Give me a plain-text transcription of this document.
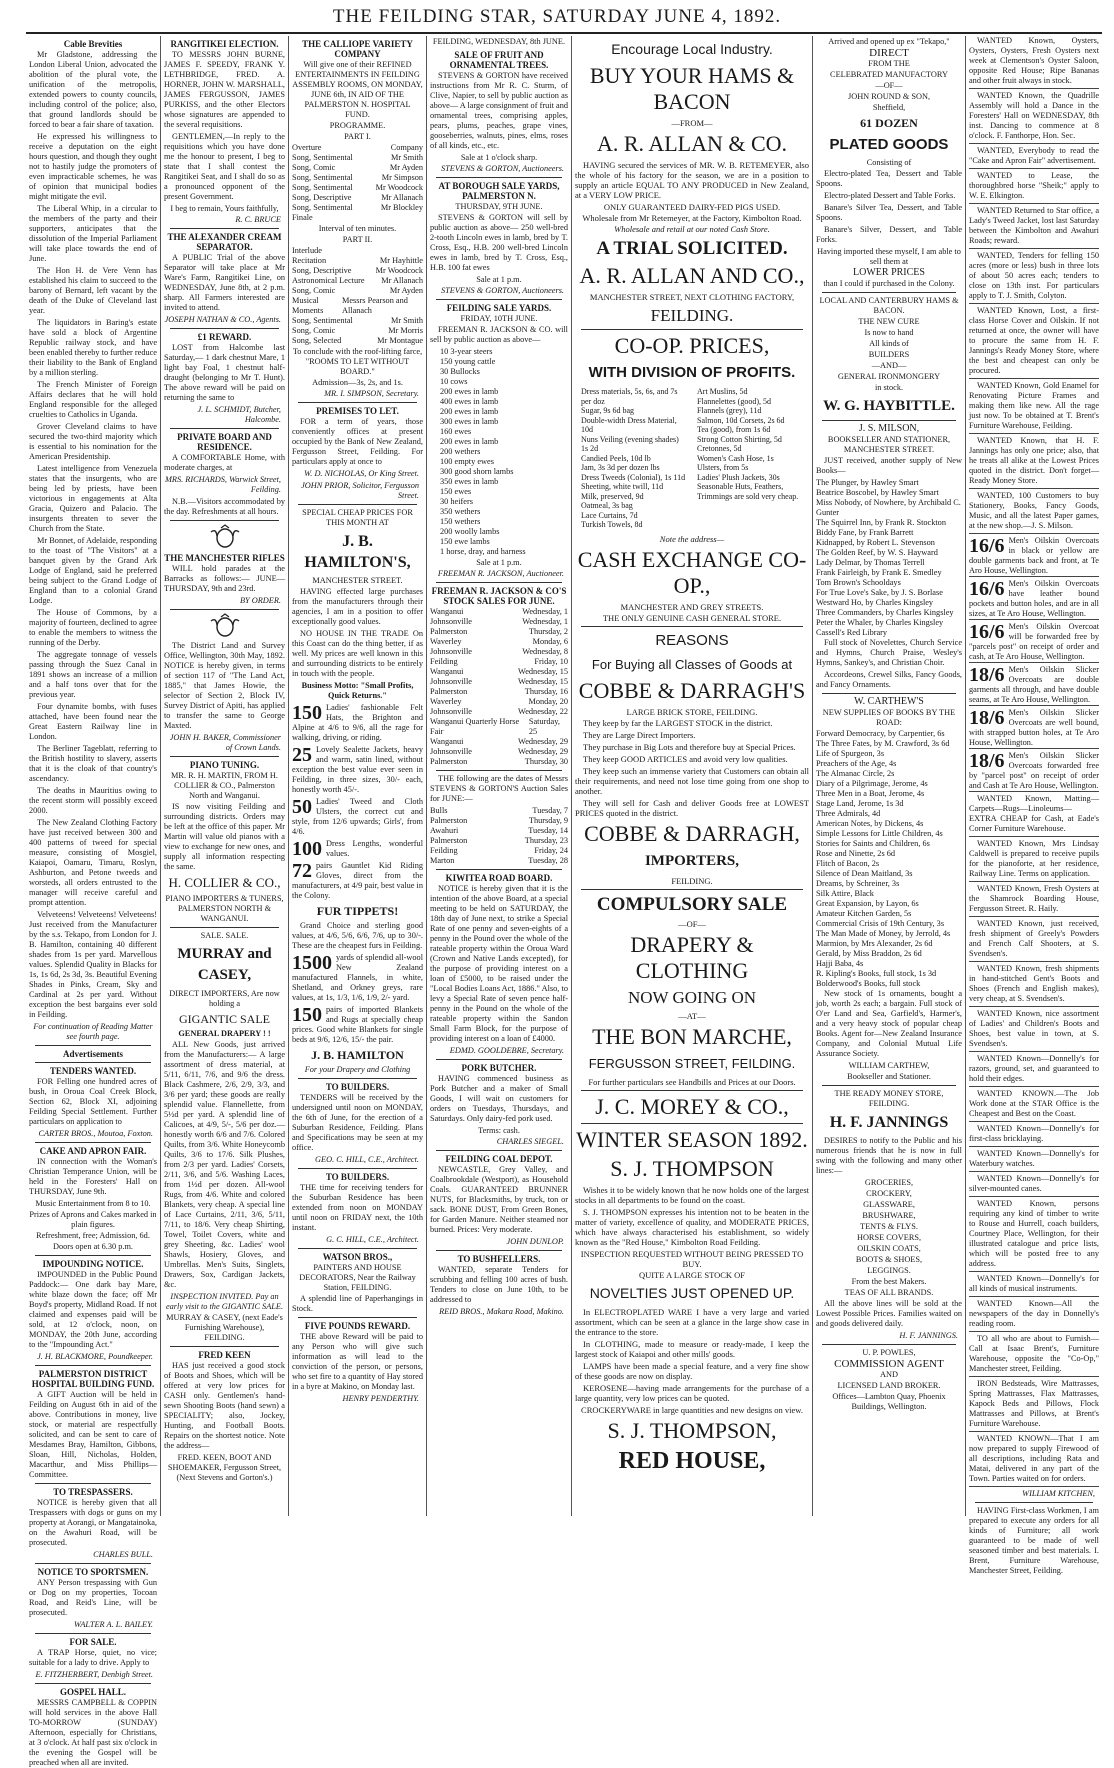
THE FEILDING STAR, SATURDAY JUNE 4, 1892.
Cable Brevities
Mr Gladstone, addressing the London Liberal Union, advocated the abolition of the plural vote, the unification of the metropolis, extended powers to county councils, including control of the police; also, that ground landlords should be forced to bear a fair share of taxation.
He expressed his willingness to receive a deputation on the eight hours question, and though they ought not to hastily judge the promoters of even impracticable schemes, he was of opinion that municipal bodies might mitigate the evil.
The Liberal Whip, in a circular to the members of the party and their supporters, anticipates that the dissolution of the Imperial Parliament will take place towards the end of June.
The Hon H. de Vere Venn has established his claim to succeed to the barony of Bernard, left vacant by the death of the Duke of Cleveland last year.
The liquidators in Baring's estate have sold a block of Argentine Republic railway stock, and have been enabled thereby to further reduce their liability to the Bank of England by a million sterling.
The French Minister of Foreign Affairs declares that he will hold England responsible for the alleged cruelties to Catholics in Uganda.
Grover Cleveland claims to have secured the two-third majority which is essential to his nomination for the American Presidentship.
Latest intelligence from Venezuela states that the insurgents, who are being led by priests, have been victorious in engagements at Alta Gracia, Quizero and Palacio. The insurgents threaten to sever the Church from the State.
Mr Bonnet, of Adelaide, responding to the toast of "The Visitors" at a banquet given by the Grand Ark Lodge of England, said he preferred being subject to the Grand Lodge of England than to a colonial Grand Lodge.
The House of Commons, by a majority of fourteen, declined to agree to enable the members to witness the running of the Derby.
The aggregate tonnage of vessels passing through the Suez Canal in 1891 shows an increase of a million and a half tons over that for the previous year.
Four dynamite bombs, with fuses attached, have been found near the Great Eastern Railway line in London.
The Berliner Tageblatt, referring to the British hostility to slavery, asserts that it is the cloak of that country's ascendancy.
The deaths in Mauritius owing to the recent storm will possibly exceed 2000.
The New Zealand Clothing Factory have just received between 300 and 400 patterns of tweed for special measure, consisting of Mosgiel, Kaiapoi, Oamaru, Timaru, Roslyn, Ashburton, and Petone tweeds and worsteds, all orders entrusted to the manager will receive careful and prompt attention.
Velveteens! Velveteens! Velveteens! Just received from the Manufacturer by the s.s. Tekapo, from London for J. B. Hamilton, containing 40 different shades from 1s per yard. Marvellous values. Splendid Quality in Blacks for 1s, 1s 6d, 2s 3d, 3s. Beautiful Evening Shades in Pinks, Cream, Sky and Cardinal at 2s per yard. Without exception the best bargains ever sold in Feilding.
For continuation of Reading Matter see fourth page.
Advertisements
TENDERS WANTED.
FOR Felling one hundred acres of bush, in Oroua Coal Creek Block, Section 62, Block XI, adjoining Feilding Special Settlement. Further particulars on application to
CARTER BROS., Moutoa, Foxton.
CAKE AND APRON FAIR.
IN connection with the Woman's Christian Temperance Union, will be held in the Foresters' Hall on THURSDAY, June 9th.
Music Entertainment from 8 to 10.
Prizes of Aprons and Cakes marked in plain figures.
Refreshment, free; Admission, 6d.
Doors open at 6.30 p.m.
IMPOUNDING NOTICE.
IMPOUNDED in the Public Pound Paddock:— One dark bay Mare, white blaze down the face; off Mr Boyd's property, Midland Road. If not claimed and expenses paid will be sold, at 12 o'clock, noon, on MONDAY, the 20th June, according to the "Impounding Act."
J. H. BLACKMORE, Poundkeeper.
PALMERSTON DISTRICT HOSPITAL BUILDING FUND.
A GIFT Auction will be held in Feilding on August 6th in aid of the above. Contributions in money, live stock, or material are respectfully solicited, and can be sent to care of Mesdames Bray, Hamilton, Gibbons, Sloan, Hill, Nicholas, Holden, Macarthur, and Miss Phillips—Committee.
TO TRESPASSERS.
NOTICE is hereby given that all Trespassers with dogs or guns on my property at Aorangi, or Mangatainoka, on the Awahuri Road, will be prosecuted.
CHARLES BULL.
NOTICE TO SPORTSMEN.
ANY Person trespassing with Gun or Dog on my properties, Tocoan Road, and Reid's Line, will be prosecuted.
WALTER A. L. BAILEY.
FOR SALE.
A TRAP Horse, quiet, no vice; suitable for a lady to drive. Apply to
E. FITZHERBERT, Denbigh Street.
GOSPEL HALL.
MESSRS CAMPBELL & COPPIN will hold services in the above Hall TO-MORROW (SUNDAY) Afternoon, especially for Christians, at 3 o'clock. At half past six o'clock in the evening the Gospel will be preached when all are invited.
RANGITIKEI ELECTION.
TO MESSRS JOHN BURNE, JAMES F. SPEEDY, FRANK Y. LETHBRIDGE, FRED. A. HORNER, JOHN W. MARSHALL, JAMES FERGUSSON, JAMES PURKISS, and the other Electors whose signatures are appended to the several requisitions.
GENTLEMEN,—In reply to the requisitions which you have done me the honour to present, I beg to state that I shall contest the Rangitikei Seat, and I shall do so as a pronounced opponent of the present Government.
I beg to remain, Yours faithfully,
R. C. BRUCE
THE ALEXANDER CREAM SEPARATOR.
A PUBLIC Trial of the above Separator will take place at Mr Ware's Farm, Rangitikei Line, on WEDNESDAY, June 8th, at 2 p.m. sharp. All Farmers interested are invited to attend.
JOSEPH NATHAN & CO., Agents.
£1 REWARD.
LOST from Halcombe last Saturday,— 1 dark chestnut Mare, 1 light bay Foal, 1 chestnut half-draught (belonging to Mr T. Hunt). The above reward will be paid on returning the same to
J. L. SCHMIDT, Butcher, Halcombe.
PRIVATE BOARD AND RESIDENCE.
A COMFORTABLE Home, with moderate charges, at
MRS. RICHARDS, Warwick Street, Feilding.
N.B.—Visitors accommodated by the day. Refreshments at all hours.
THE MANCHESTER RIFLES
WILL hold parades at the Barracks as follows:— JUNE—THURSDAY, 9th and 23rd.
BY ORDER.
The District Land and Survey Office, Wellington, 30th May, 1892. NOTICE is hereby given, in terms of section 117 of "The Land Act, 1885," that James Howie, the selector of Section 2, Block IV, Survey District of Apiti, has applied to transfer the same to George Maxted.
JOHN H. BAKER, Commissioner of Crown Lands.
PIANO TUNING.
MR. R. H. MARTIN, FROM H. COLLIER & CO., Palmerston North and Wanganui.
IS now visiting Feilding and surrounding districts. Orders may be left at the office of this paper. Mr Martin will value old pianos with a view to exchange for new ones, and supply all information respecting the same.
H. COLLIER & CO.,
PIANO IMPORTERS & TUNERS, PALMERSTON NORTH & WANGANUI.
SALE. SALE.
MURRAY and CASEY,
DIRECT IMPORTERS, Are now holding a
GIGANTIC SALE
GENERAL DRAPERY ! !
ALL New Goods, just arrived from the Manufacturers:— A large assortment of dress material, at 5/11, 6/11, 7/6, and 9/6 the dress. Black Cashmere, 2/6, 2/9, 3/3, and 3/6 per yard; these goods are really splendid value. Flannellette, from 5½d per yard. A splendid line of Calicoes, at 4/9, 5/-, 5/6 per doz.—honestly worth 6/6 and 7/6. Colored Quilts, from 3/6. White Honeycomb Quilts, 3/6 to 17/6. Silk Plushes, from 2/3 per yard. Ladies' Corsets, 2/11, 3/6, and 5/6. Washing Laces, from 1½d per dozen. All-wool Rugs, from 4/6. White and colored Blankets, very cheap. A special line of Lace Curtains, 2/11, 3/6, 5/11, 7/11, to 18/6. Very cheap Shirting, Towel, Toilet Covers, white and grey Sheeting, &c. Ladies' wool Shawls, Hosiery, Gloves, and Umbrellas. Men's Suits, Singlets, Drawers, Sox, Cardigan Jackets, &c.
INSPECTION INVITED. Pay an early visit to the GIGANTIC SALE.
MURRAY & CASEY, (next Eade's Furnishing Warehouse), FEILDING.
FRED KEEN
HAS just received a good stock of Boots and Shoes, which will be offered at very low prices for CASH only. Gentlemen's hand-sewn Shooting Boots (hand sewn) a SPECIALITY; also, Jockey, Hunting, and Football Boots. Repairs on the shortest notice. Note the address—
FRED. KEEN, BOOT AND SHOEMAKER, Fergusson Street, (Next Stevens and Gorton's.)
THE CALLIOPE VARIETY COMPANY
Will give one of their REFINED ENTERTAINMENTS IN FEILDING ASSEMBLY ROOMS, ON MONDAY, JUNE 6th, IN AID OF THE PALMERSTON N. HOSPITAL FUND.
PROGRAMME.
PART I.
Overture	Company
Song, Sentimental	Mr Smith
Song, Comic	Mr Ayden
Song, Sentimental	Mr Simpson
Song, Sentimental	Mr Woodcock
Song, Descriptive	Mr Allanach
Song, Sentimental	Mr Blockley
Finale
Interval of ten minutes.
PART II.
Interlude
Recitation	Mr Hayhittle
Song, Descriptive	Mr Woodcock
Astronomical Lecture Mr Allanach
Song, Comic	Mr Ayden
Musical Moments
Messrs Pearson and Allanach
Song, Sentimental	Mr Smith
Song, Comic	Mr Morris
Song, Selected	Mr Montague
To conclude with the roof-lifting farce, "ROOMS TO LET WITHOUT BOARD."
Admission—3s, 2s, and 1s.
MR. I. SIMPSON, Secretary.
PREMISES TO LET.
FOR a term of years, those conveniently offices at present occupied by the Bank of New Zealand, Fergusson Street, Feilding. For particulars apply at once to
W. D. NICHOLAS, Or King Street.
JOHN PRIOR, Solicitor, Fergusson Street.
SPECIAL CHEAP PRICES FOR THIS MONTH AT
J. B. HAMILTON'S,
MANCHESTER STREET.
HAVING effected large purchases from the manufacturers through their agencies, I am in a position to offer exceptionally good values.
NO HOUSE IN THE TRADE On this Coast can do the thing better, if as well. My prices are well known in this and surrounding districts to be entirely in touch with the people.
Business Motto: "Small Profits, Quick Returns."
150 Ladies' fashionable Felt Hats, the Brighton and Alpine at 4/6 to 9/6, all the rage for walking, driving, or riding.
25 Lovely Sealette Jackets, heavy and warm, satin lined, without exception the best value ever seen in Feilding, in three sizes, 30/- each, honestly worth 45/-.
50 Ladies' Tweed and Cloth Ulsters, the correct cut and style, from 12/6 upwards; Girls', from 4/6.
100 Dress Lengths, wonderful values.
72 pairs Gauntlet Kid Riding Gloves, direct from the manufacturers, at 4/9 pair, best value in the Colony.
FUR TIPPETS!
Grand Choice and sterling good values, at 4/6, 5/6, 6/6, 7/6, up to 30/-. These are the cheapest furs in Feilding.
1500 yards of splendid all-wool New Zealand manufactured Flannels, in white, Shetland, and Orkney greys, rare values, at 1s, 1/3, 1/6, 1/9, 2/- yard.
150 pairs of imported Blankets and Rugs at specially cheap prices. Good white Blankets for single beds at 9/6, 12/6, 15/- the pair.
J. B. HAMILTON
For your Drapery and Clothing
TO BUILDERS.
TENDERS will be received by the undersigned until noon on MONDAY, the 6th of June, for the erection of a Suburban Residence, Feilding. Plans and Specifications may be seen at my office.
GEO. C. HILL, C.E., Architect.
TO BUILDERS.
THE time for receiving tenders for the Suburban Residence has been extended from noon on MONDAY until noon on FRIDAY next, the 10th instant.
G. C. HILL, C.E., Architect.
WATSON BROS.,
PAINTERS AND HOUSE DECORATORS, Near the Railway Station, FEILDING.
A splendid line of Paperhangings in Stock.
FIVE POUNDS REWARD.
THE above Reward will be paid to any Person who will give such information as will lead to the conviction of the person, or persons, who set fire to a quantity of Hay stored in a byre at Makino, on Monday last.
HENRY PENDERTHY.
FEILDING, WEDNESDAY, 8th JUNE.
SALE OF FRUIT AND ORNAMENTAL TREES.
STEVENS & GORTON have received instructions from Mr R. C. Sturm, of Clive, Napier, to sell by public auction as above— A large consignment of fruit and ornamental trees, comprising apples, pears, plums, peaches, grape vines, gooseberries, walnuts, pines, elms, roses of all kinds, etc., etc.
Sale at 1 o'clock sharp.
STEVENS & GORTON, Auctioneers.
AT BOROUGH SALE YARDS, PALMERSTON N.
THURSDAY, 9TH JUNE.
STEVENS & GORTON will sell by public auction as above— 250 well-bred 2-tooth Lincoln ewes in lamb, bred by T. Cross, Esq., H.B. 200 well-bred Lincoln ewes in lamb, bred by T. Cross, Esq., H.B. 100 fat ewes
Sale at 1 p.m.
STEVENS & GORTON, Auctioneers.
FEILDING SALE YARDS.
FRIDAY, 10TH JUNE.
FREEMAN R. JACKSON & CO. will sell by public auction as above—
10 3-year steers
150 young cattle
30 Bullocks
10 cows
200 ewes in lamb
400 ewes in lamb
200 ewes in lamb
300 ewes in lamb
160 ewes
200 ewes in lamb
200 wethers
100 empty ewes
300 good shorn lambs
350 ewes in lamb
150 ewes
30 heifers
350 wethers
150 wethers
200 woolly lambs
150 ewe lambs
1 horse, dray, and harness
Sale at 1 p.m.
FREEMAN R. JACKSON, Auctioneer.
FREEMAN R. JACKSON & CO'S STOCK SALES FOR JUNE.
Wanganui	Wednesday, 1
Johnsonville	Wednesday, 1
Palmerston	Thursday, 2
Waverley	Monday, 6
Johnsonville	Wednesday, 8
Feilding	Friday, 10
Wanganui	Wednesday, 15
Johnsonville	Wednesday, 15
Palmerston	Thursday, 16
Waverley	Monday, 20
Johnsonville	Wednesday, 22
Wanganui Quarterly Horse Fair
Saturday, 25
Wanganui	Wednesday, 29
Johnsonville	Wednesday, 29
Palmerston	Thursday, 30
THE following are the dates of Messrs STEVENS & GORTON'S Auction Sales for JUNE:—
Bulls	Tuesday, 7
Palmerston	Thursday, 9
Awahuri	Tuesday, 14
Palmerston	Thursday, 23
Feilding	Friday, 24
Marton	Tuesday, 28
KIWITEA ROAD BOARD.
NOTICE is hereby given that it is the intention of the above Board, at a special meeting to be held on SATURDAY, the 18th day of June next, to strike a Special Rate of one penny and seven-eights of a penny in the Pound over the whole of the rateable property within the Oroua Ward (Crown and Native Lands excepted), for the purpose of providing interest on a loan of £5000, to be raised under the "Local Bodies Loans Act, 1886." Also, to levy a Special Rate of seven pence half-penny in the Pound on the whole of the rateable property within the Sandon Small Farm Block, for the purpose of providing interest on a loan of £4000.
EDMD. GOOLDEBRE, Secretary.
PORK BUTCHER.
HAVING commenced business as Pork Butcher and a maker of Small Goods, I will wait on customers for orders on Tuesdays, Thursdays, and Saturdays. Only dairy-fed pork used.
Terms: cash.
CHARLES SIEGEL.
FEILDING COAL DEPOT.
NEWCASTLE, Grey Valley, and Coalbrookdale (Westport), as Household Coals. GUARANTEED BRUNNER NUTS, for Blacksmiths, by truck, ton or sack. BONE DUST, From Green Bones, for Garden Manure. Neither steamed nor burned. Prices: Very moderate.
JOHN DUNLOP.
TO BUSHFELLERS.
WANTED, separate Tenders for scrubbing and felling 100 acres of bush. Tenders to close on June 10th, to be addressed to
REID BROS., Makara Road, Makino.
Encourage Local Industry.
BUY YOUR HAMS & BACON
—FROM—
A. R. ALLAN & CO.
HAVING secured the services of MR. W. B. RETEMEYER, also the whole of his factory for the season, we are in a position to supply an article EQUAL TO ANY PRODUCED in New Zealand, at a VERY LOW PRICE.
ONLY GUARANTEED DAIRY-FED PIGS USED.
Wholesale from Mr Retemeyer, at the Factory, Kimbolton Road.
Wholesale and retail at our noted Cash Store.
A TRIAL SOLICITED.
A. R. ALLAN AND CO.,
MANCHESTER STREET, NEXT CLOTHING FACTORY,
FEILDING.
CO-OP. PRICES,
WITH DIVISION OF PROFITS.
Dress materials, 5s, 6s, and 7s per doz
Sugar, 9s 6d bag
Double-width Dress Material, 10d
Nuns Veiling (evening shades) 1s 2d
Candied Peels, 10d lb
Jam, 3s 3d per dozen lbs
Dress Tweeds (Colonial), 1s 11d
Sheeting, white twill, 11d
Milk, preserved, 9d
Oatmeal, 3s bag
Lace Curtains, 7d
Turkish Towels, 8d
Art Muslins, 5d
Flannelettes (good), 5d
Flannels (grey), 11d
Salmon, 10d Corsets, 2s 6d
Tea (good), from 1s 6d
Strong Cotton Shirting, 5d
Cretonnes, 5d
Women's Cash Hose, 1s
Ulsters, from 5s
Ladies' Plush Jackets, 30s
Seasonable Huts, Feathers, Trimmings are sold very cheap.
Note the address—
CASH EXCHANGE CO-OP.,
MANCHESTER AND GREY STREETS.
THE ONLY GENUINE CASH GENERAL STORE.
REASONS
For Buying all Classes of Goods at
COBBE & DARRAGH'S
LARGE BRICK STORE, FEILDING.
They keep by far the LARGEST STOCK in the district.
They are Large Direct Importers.
They purchase in Big Lots and therefore buy at Special Prices.
They keep GOOD ARTICLES and avoid very low qualities.
They keep such an immense variety that Customers can obtain all their requirements, and need not lose time going from one shop to another.
They will sell for Cash and deliver Goods free at LOWEST PRICES quoted in the district.
COBBE & DARRAGH,
IMPORTERS,
FEILDING.
COMPULSORY SALE
—OF—
DRAPERY & CLOTHING
NOW GOING ON
—AT—
THE BON MARCHE,
FERGUSSON STREET, FEILDING.
For further particulars see Handbills and Prices at our Doors.
J. C. MOREY & CO.,
WINTER SEASON 1892.
S. J. THOMPSON
Wishes it to be widely known that he now holds one of the largest stocks in all departments to be found on the coast.
S. J. THOMPSON expresses his intention not to be beaten in the matter of variety, excellence of quality, and MODERATE PRICES, which have always characterised his establishment, so widely known as the "Red House," Kimbolton Road Feilding.
INSPECTION REQUESTED WITHOUT BEING PRESSED TO BUY.
QUITE A LARGE STOCK OF
NOVELTIES JUST OPENED UP.
In ELECTROPLATED WARE I have a very large and varied assortment, which can be seen at a glance in the large show case in the entrance to the store.
In CLOTHING, made to measure or ready-made, I keep the largest stock of Kaiapoi and other mills' goods.
LAMPS have been made a special feature, and a very fine show of these goods are now on display.
KEROSENE—having made arrangements for the purchase of a large quantity, very low prices can be quoted.
CROCKERYWARE in large quantities and new designs on view.
S. J. THOMPSON,
RED HOUSE,
Arrived and opened up ex "Tekapo,"
DIRECT
FROM THE
CELEBRATED MANUFACTORY
—OF—
JOHN ROUND & SON,
Sheffield,
61 DOZEN
PLATED GOODS
Consisting of
Electro-plated Tea, Dessert and Table Spoons.
Electro-plated Dessert and Table Forks.
Banare's Silver Tea, Dessert, and Table Spoons.
Banare's Silver, Dessert, and Table Forks.
Having imported these myself, I am able to sell them at
LOWER PRICES
than I could if purchased in the Colony.
LOCAL AND CANTERBURY HAMS & BACON.
THE NEW CURE
Is now to hand
All kinds of
BUILDERS
—AND—
GENERAL IRONMONGERY
in stock.
W. G. HAYBITTLE.
J. S. MILSON,
BOOKSELLER AND STATIONER, MANCHESTER STREET.
JUST received, another supply of New Books—
The Plunger, by Hawley Smart
Beatrice Boscobel, by Hawley Smart
Miss Nobody, of Nowhere, by Archibald C. Gunter
The Squirrel Inn, by Frank R. Stockton
Biddy Fane, by Frank Barrett
Kidnapped, by Robert L. Stevenson
The Golden Reef, by W. S. Hayward
Lady Delmar, by Thomas Terrell
Frank Fairleigh, by Frank E. Smedley
Tom Brown's Schooldays
For True Love's Sake, by J. S. Borlase
Westward Ho, by Charles Kingsley
Three Commanders, by Charles Kingsley
Peter the Whaler, by Charles Kingsley
Cassell's Red Library
Full stock of Novelettes, Church Service and Hymns, Church Praise, Wesley's Hymns, Sankey's, and Christian Choir.
Accordeons, Crewel Silks, Fancy Goods, and Fancy Ornaments.
W. CARTHEW'S
NEW SUPPLIES OF BOOKS BY THE ROAD:
Forward Democracy, by Carpentier, 6s
The Three Fates, by M. Crawford, 3s 6d
Life of Spurgeon, 3s
Preachers of the Age, 4s
The Almanac Circle, 2s
Diary of a Pilgrimage, Jerome, 4s
Three Men in a Boat, Jerome, 4s
Stage Land, Jerome, 1s 3d
Three Admirals, 4d
American Notes, by Dickens, 4s
Simple Lessons for Little Children, 4s
Stories for Saints and Children, 6s
Rose and Ninette, 2s 6d
Flitch of Bacon, 2s
Silence of Dean Maitland, 3s
Dreams, by Schreiner, 3s
Silk Attire, Black
Great Expansion, by Layon, 6s
Amateur Kitchen Garden, 5s
Commercial Crisis of 19th Century, 3s
The Man Made of Money, by Jerrold, 4s
Marmion, by Mrs Alexander, 2s 6d
Gerald, by Miss Braddon, 2s 6d
Hajji Baba, 4s
R. Kipling's Books, full stock, 1s 3d
Bolderwood's Books, full stock
New stock of 1s ornaments, bought a job, worth 2s each; a bargain. Full stock of O'er Land and Sea, Garfield's, Harmer's, and a very heavy stock of popular cheap Books. Agent for—New Zealand Insurance Company, and Colonial Mutual Life Assurance Society.
WILLIAM CARTHEW,
Bookseller and Stationer.
THE READY MONEY STORE, FEILDING.
H. F. JANNINGS
DESIRES to notify to the Public and his numerous friends that he is now in full swing with the following and many other lines:—
GROCERIES,
CROCKERY,
GLASSWARE,
BRUSHWARE,
TENTS & FLYS.
HORSE COVERS,
OILSKIN COATS,
BOOTS & SHOES,
LEGGINGS.
From the best Makers.
TEAS OF ALL BRANDS.
All the above lines will be sold at the Lowest Possible Prices. Families waited on and goods delivered daily.
H. F. JANNINGS.
U. P. POWLES,
COMMISSION AGENT
AND
LICENSED LAND BROKER.
Offices—Lambton Quay, Phoenix Buildings, Wellington.
WANTED Known, Oysters, Oysters, Oysters, Fresh Oysters next week at Clementson's Oyster Saloon, opposite Red House; Ripe Bananas and other fruit always in stock.
WANTED Known, the Quadrille Assembly will hold a Dance in the Foresters' Hall on WEDNESDAY, 8th inst. Dancing to commence at 8 o'clock. F. Fanthorpe, Hon. Sec.
WANTED, Everybody to read the "Cake and Apron Fair" advertisement.
WANTED to Lease, the thoroughbred horse "Sheik;" apply to W. E. Elkington.
WANTED Returned to Star office, a Lady's Tweed Jacket, lost last Saturday between the Kimbolton and Awahuri Roads; reward.
WANTED, Tenders for felling 150 acres (more or less) bush in three lots of about 50 acres each; tenders to close on 13th inst. For particulars apply to T. J. Smith, Colyton.
WANTED Known, Lost, a first-class Horse Cover and Oilskin. If not returned at once, the owner will have to procure the same from H. F. Jannings's Ready Money Store, where the best and cheapest can only be procured.
WANTED Known, Gold Enamel for Renovating Picture Frames and making them like new. All the rage just now. To be obtained at T. Brent's Furniture Warehouse, Feilding.
WANTED Known, that H. F. Jannings has only one price; also, that he treats all alike at the Lowest Prices quoted in the district. Don't forget—Ready Money Store.
WANTED, 100 Customers to buy Stationery, Books, Fancy Goods, Music, and all the latest Paper games, at the new shop.—J. S. Milson.
16/6 Men's Oilskin Overcoats in black or yellow are double garments back and front, at Te Aro House, Wellington.
16/6 Men's Oilskin Overcoats have leather bound pockets and button holes, and are in all sizes, at Te Aro House, Wellington.
16/6 Men's Oilskin Overcoat will be forwarded free by "parcels post" on receipt of order and cash, at Te Aro House, Wellington.
18/6 Men's Oilskin Slicker Overcoats are double garments all through, and have double seams, at Te Aro House, Wellington.
18/6 Men's Oilskin Slicker Overcoats are well bound, with strapped button holes, at Te Aro House, Wellington.
18/6 Men's Oilskin Slicker Overcoats forwarded free by "parcel post" on receipt of order and Cash at Te Aro House, Wellington.
WANTED Known, Matting—Carpets—Rugs—Linoleums—EXTRA CHEAP for Cash, at Eade's Corner Furniture Warehouse.
WANTED Known, Mrs Lindsay Caldwell is prepared to receive pupils for the pianoforte, at her residence, Railway Line. Terms on application.
WANTED Known, Fresh Oysters at the Shamrock Boarding House, Fergusson Street. R. Haily.
WANTED Known, just received, fresh shipment of Greely's Powders and French Calf Shooters, at S. Svendsen's.
WANTED Known, fresh shipments in hand-stitched Gent's Boots and Shoes (French and English makes), very cheap, at S. Svendsen's.
WANTED Known, nice assortment of Ladies' and Children's Boots and Shoes, best value in town, at S. Svendsen's.
WANTED Known—Donnelly's for razors, ground, set, and guaranteed to hold their edges.
WANTED KNOWN.—The Job Work done at the STAR Office is the Cheapest and Best on the Coast.
WANTED Known—Donnelly's for first-class bricklaying.
WANTED Known—Donnelly's for Waterbury watches.
WANTED Known—Donnelly's for silver-mounted canes.
WANTED Known, persons requiring any kind of timber to write to Rouse and Hurrell, coach builders, Courtney Place, Wellington, for their illustrated catalogue and price lists, which will be posted free to any address.
WANTED Known—Donnelly's for all kinds of musical instruments.
WANTED Known—All the newspapers of the day in Donnelly's reading room.
TO all who are about to Furnish—Call at Isaac Brent's, Furniture Warehouse, opposite the "Co-Op," Manchester street, Feilding.
IRON Bedsteads, Wire Mattrasses, Spring Mattrasses, Flax Mattrasses, Kapock Beds and Pillows, Flock Mattrasses and Pillows, at Brent's Furniture Warehouse.
WANTED KNOWN—That I am now prepared to supply Firewood of all descriptions, including Rata and Matai, delivered in any part of the Town. Parties waited on for orders.
WILLIAM KITCHEN,
HAVING First-class Workmen, I am prepared to execute any orders for all kinds of Furniture; all work guaranteed to be made of well seasoned timber and best materials. I. Brent, Furniture Warehouse, Manchester Street, Feilding.
